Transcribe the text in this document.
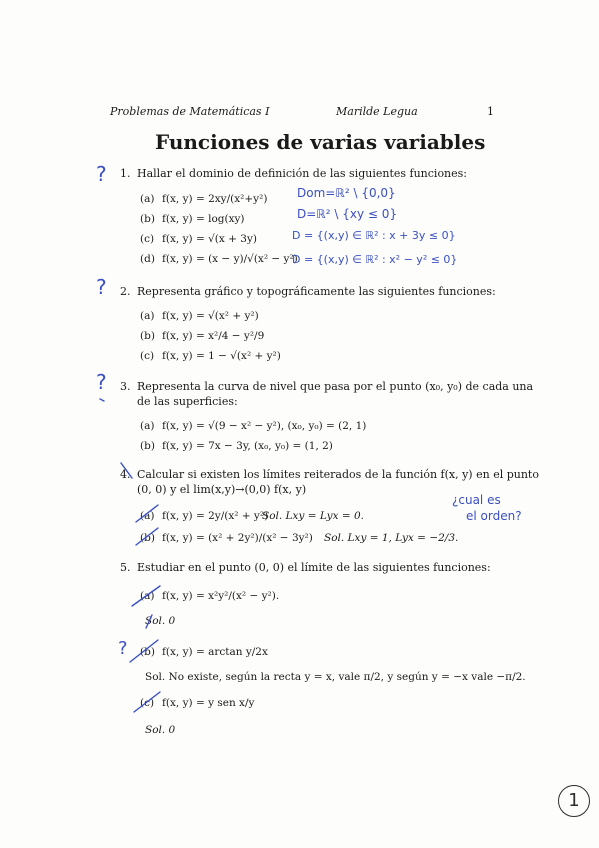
Problemas de Matemáticas I	Marilde Legua	1
Funciones de varias variables
1. Hallar el dominio de definición de las siguientes funciones:
(a) f(x, y) = 2xy/(x²+y²)
(b) f(x, y) = log(xy)
(c) f(x, y) = √(x + 3y)
(d) f(x, y) = (x − y)/√(x² − y²)
Dom=ℝ² \ {0,0}
D=ℝ² \ {xy ≤ 0}
D = {(x,y) ∈ ℝ² : x + 3y ≤ 0}
D = {(x,y) ∈ ℝ² : x² − y² ≤ 0}
2. Representa gráfico y topográficamente las siguientes funciones:
(a) f(x, y) = √(x² + y²)
(b) f(x, y) = x²/4 − y²/9
(c) f(x, y) = 1 − √(x² + y²)
3. Representa la curva de nivel que pasa por el punto (x₀, y₀) de cada una
de las superficies:
(a) f(x, y) = √(9 − x² − y²), (x₀, y₀) = (2, 1)
(b) f(x, y) = 7x − 3y, (x₀, y₀) = (1, 2)
4. Calcular si existen los límites reiterados de la función f(x, y) en el punto
(0, 0) y el lim(x,y)→(0,0) f(x, y)
¿cual es
el orden?
(a) f(x, y) = 2y/(x² + y²)
Sol. Lxy = Lyx = 0.
(b) f(x, y) = (x² + 2y²)/(x² − 3y²) Sol. Lxy = 1, Lyx = −2/3.
5. Estudiar en el punto (0, 0) el límite de las siguientes funciones:
(a) f(x, y) = x²y²/(x² − y²).
Sol. 0
(b) f(x, y) = arctan y/2x
Sol. No existe, según la recta y = x, vale π/2, y según y = −x vale −π/2.
(c) f(x, y) = y sen x/y
Sol. 0
?
?
?
?
1
